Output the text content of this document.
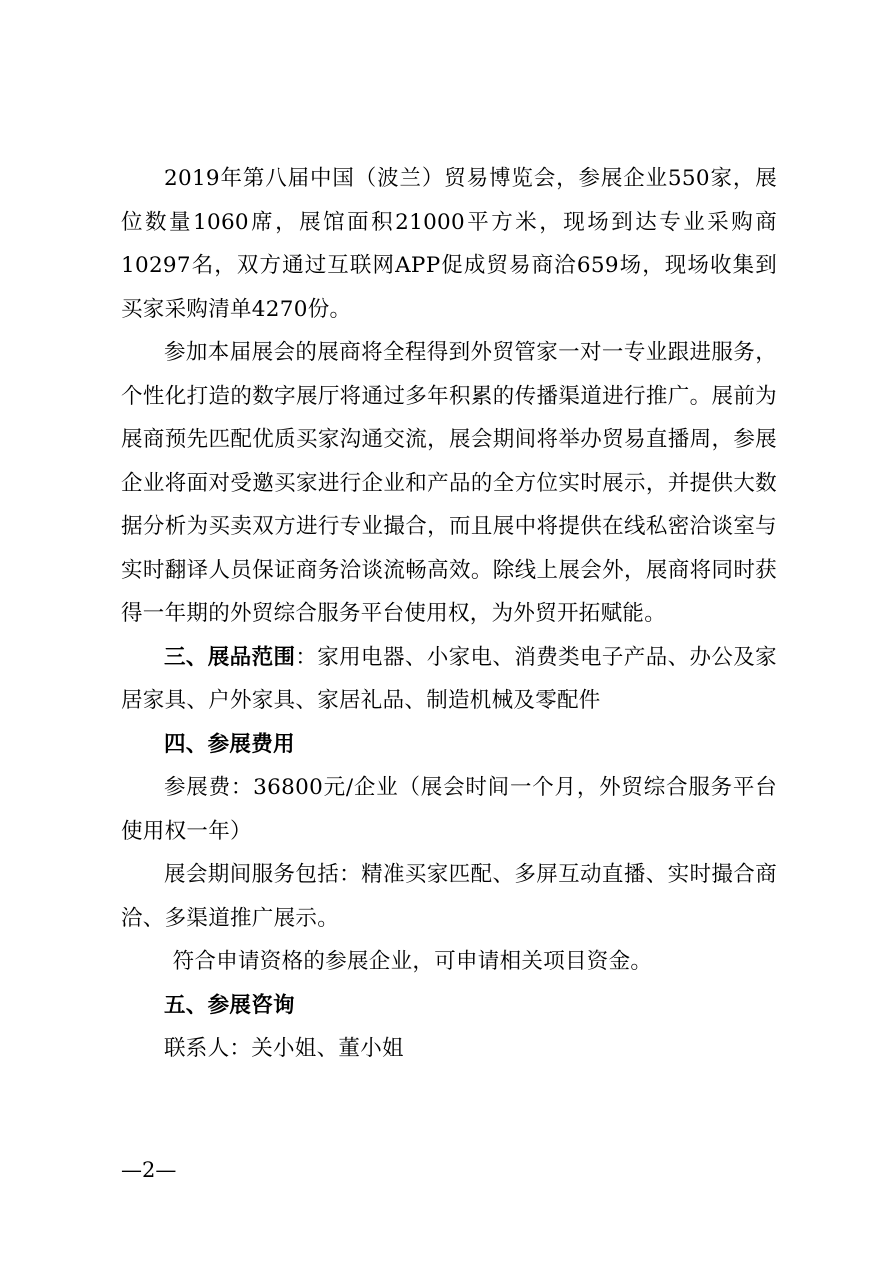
2019年第八届中国（波兰）贸易博览会，参展企业550家，展位数量1060席，展馆面积21000平方米，现场到达专业采购商10297名，双方通过互联网APP促成贸易商洽659场，现场收集到买家采购清单4270份。

参加本届展会的展商将全程得到外贸管家一对一专业跟进服务，个性化打造的数字展厅将通过多年积累的传播渠道进行推广。展前为展商预先匹配优质买家沟通交流，展会期间将举办贸易直播周，参展企业将面对受邀买家进行企业和产品的全方位实时展示，并提供大数据分析为买卖双方进行专业撮合，而且展中将提供在线私密洽谈室与实时翻译人员保证商务洽谈流畅高效。除线上展会外，展商将同时获得一年期的外贸综合服务平台使用权，为外贸开拓赋能。

三、展品范围：家用电器、小家电、消费类电子产品、办公及家居家具、户外家具、家居礼品、制造机械及零配件

四、参展费用

参展费：36800元/企业（展会时间一个月，外贸综合服务平台使用权一年）

展会期间服务包括：精准买家匹配、多屏互动直播、实时撮合商洽、多渠道推广展示。

符合申请资格的参展企业，可申请相关项目资金。

五、参展咨询

联系人：关小姐、董小姐

—2—
